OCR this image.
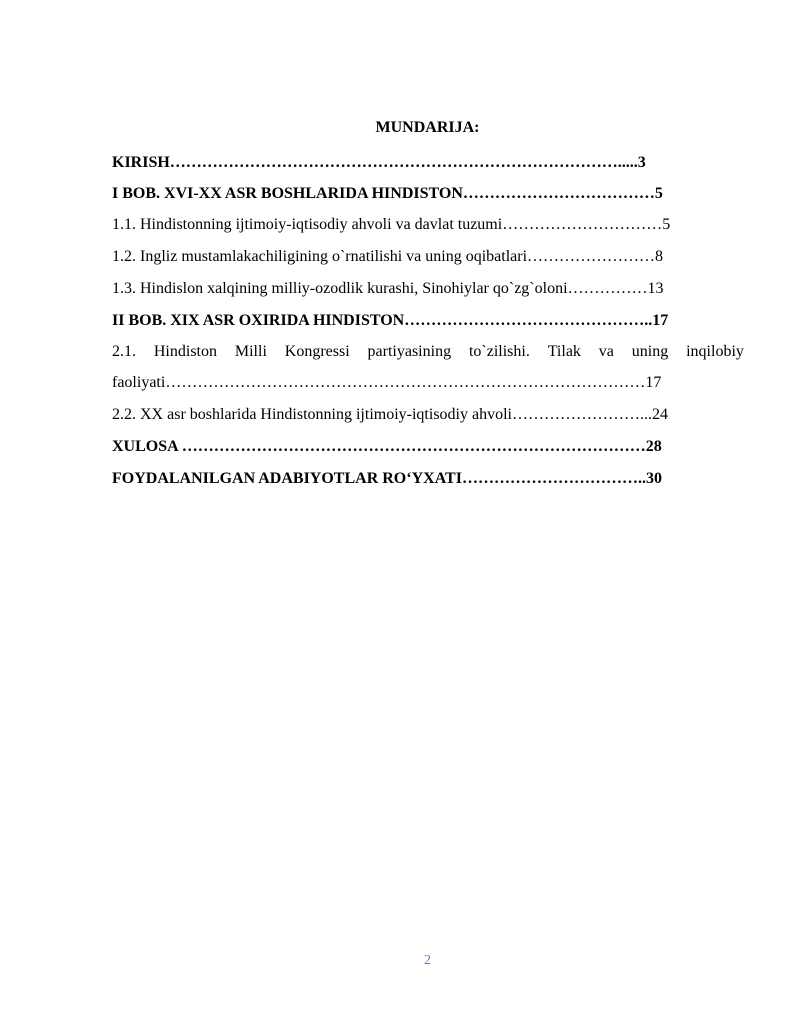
MUNDARIJA:
KIRISH………………………………………………………………………….....3
I BOB. XVI-XX ASR BOSHLARIDA HINDISTON………………………………5
1.1. Hindistonning ijtimoiy-iqtisodiy ahvoli va davlat tuzumi…………………………5
1.2. Ingliz mustamlakachiligining o`rnatilishi va uning oqibatlari……………………8
1.3. Hindislon xalqining milliy-ozodlik kurashi, Sinohiylar qo`zg`oloni……………13
II BOB. XIX ASR OXIRIDA HINDISTON………………………………………..17
2.1. Hindiston Milli Kongressi partiyasining to`zilishi. Tilak va uning inqilobiy
faoliyati………………………………………………………………………………17
2.2. XX asr boshlarida Hindistonning ijtimoiy-iqtisodiy ahvoli……………………...24
XULOSA ……………………………………………………………………………28
FOYDALANILGAN ADABIYOTLAR RO‘YXATI……………………………..30
2
